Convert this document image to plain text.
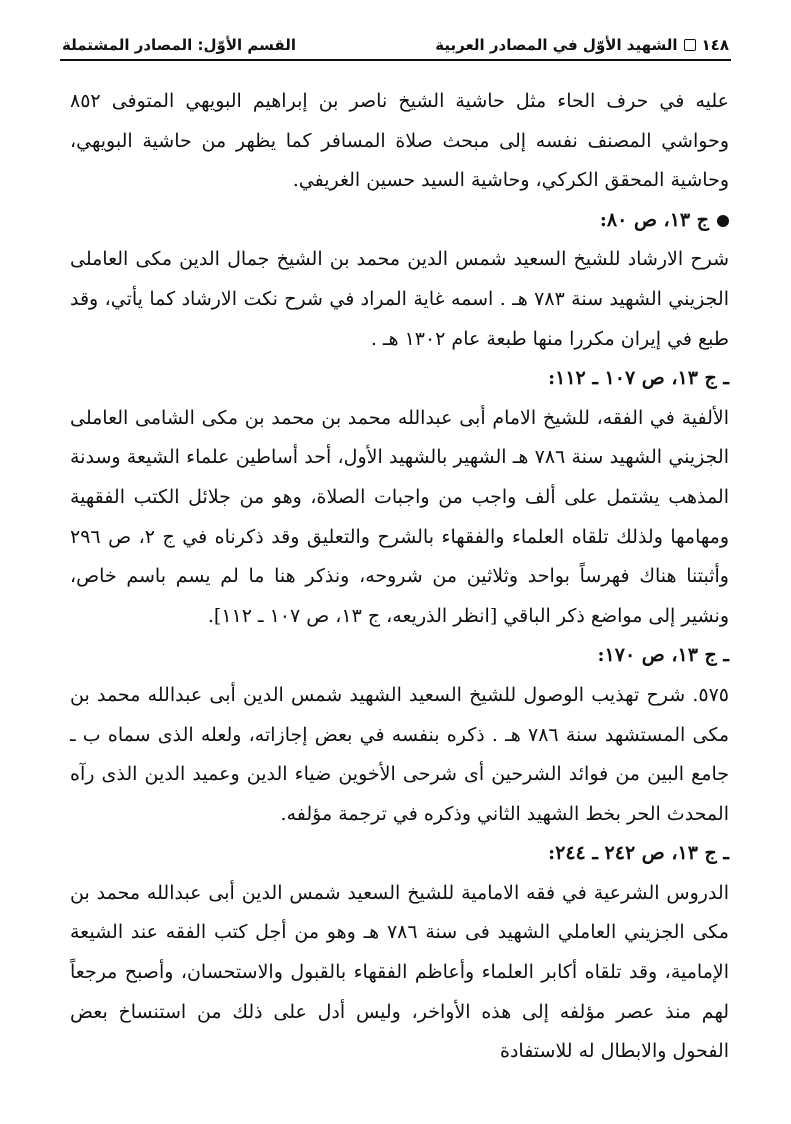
١٤٨
الشهيد الأوّل في المصادر العربية
القسم الأوّل: المصادر المشتملة

عليه في حرف الحاء مثل حاشية الشيخ ناصر بن إبراهيم البويهي المتوفى ٨٥٢ وحواشي المصنف نفسه إلى مبحث صلاة المسافر كما يظهر من حاشية البويهي، وحاشية المحقق الكركي، وحاشية السيد حسين الغريفي.

ج ١٣، ص ٨٠:

شرح الارشاد للشيخ السعيد شمس الدين محمد بن الشيخ جمال الدين مكى العاملى الجزيني الشهيد سنة ٧٨٣ هـ . اسمه غاية المراد في شرح نكت الارشاد كما يأتي، وقد طبع في إيران مكررا منها طبعة عام ١٣٠٢ هـ .

ـ ج ١٣، ص ١٠٧ ـ ١١٢:

الألفية في الفقه، للشيخ الامام أبى عبدالله محمد بن محمد بن مكى الشامى العاملى الجزيني الشهيد سنة ٧٨٦ هـ الشهير بالشهيد الأول، أحد أساطين علماء الشيعة وسدنة المذهب يشتمل على ألف واجب من واجبات الصلاة، وهو من جلائل الكتب الفقهية ومهامها ولذلك تلقاه العلماء والفقهاء بالشرح والتعليق وقد ذكرناه في ج ٢، ص ٢٩٦ وأثبتنا هناك فهرساً بواحد وثلاثين من شروحه، ونذكر هنا ما لم يسم باسم خاص، ونشير إلى مواضع ذكر الباقي [انظر الذريعه، ج ١٣، ص ١٠٧ ـ ١١٢].

ـ ج ١٣، ص ١٧٠:

٥٧٥. شرح تهذيب الوصول للشيخ السعيد الشهيد شمس الدين أبى عبدالله محمد بن مكى المستشهد سنة ٧٨٦ هـ . ذكره بنفسه في بعض إجازاته، ولعله الذى سماه ب ـ جامع البين من فوائد الشرحين أى شرحى الأخوين ضياء الدين وعميد الدين الذى رآه المحدث الحر بخط الشهيد الثاني وذكره في ترجمة مؤلفه.

ـ ج ١٣، ص ٢٤٢ ـ ٢٤٤:

الدروس الشرعية في فقه الامامية للشيخ السعيد شمس الدين أبى عبدالله محمد بن مكى الجزيني العاملي الشهيد فى سنة ٧٨٦ هـ وهو من أجل كتب الفقه عند الشيعة الإمامية، وقد تلقاه أكابر العلماء وأعاظم الفقهاء بالقبول والاستحسان، وأصبح مرجعاً لهم منذ عصر مؤلفه إلى هذه الأواخر، وليس أدل على ذلك من استنساخ بعض الفحول والابطال له للاستفادة
